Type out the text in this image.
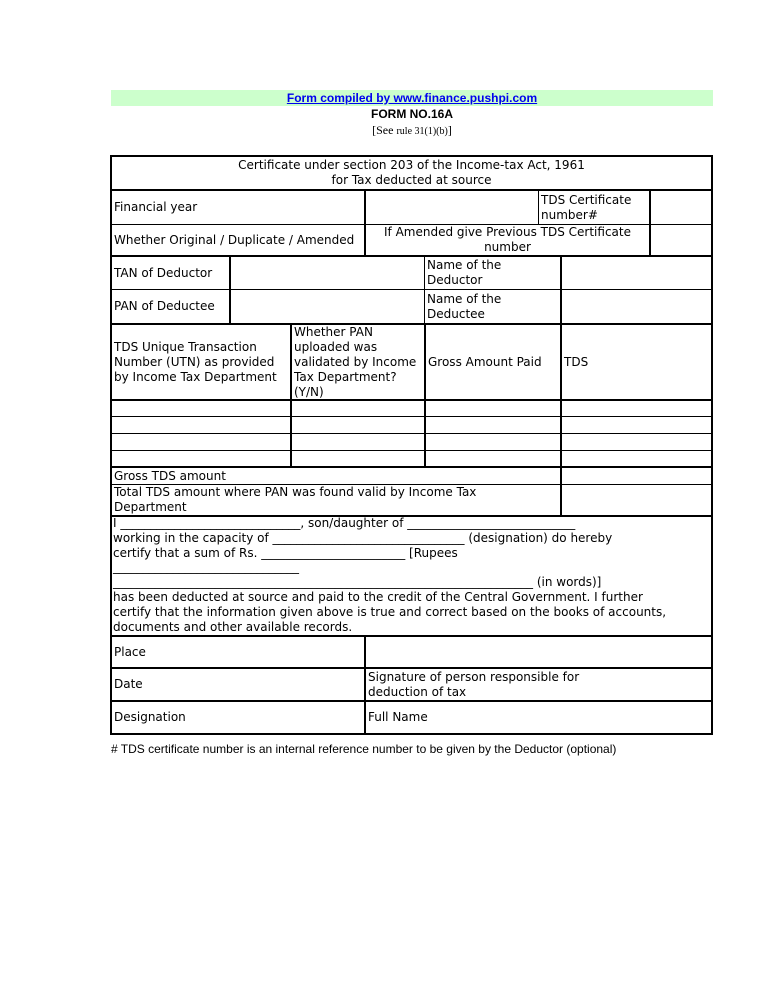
Form compiled by www.finance.pushpi.com
FORM NO.16A
[See rule 31(1)(b)]
Certificate under section 203 of the Income-tax Act, 1961
for Tax deducted at source
Financial year
TDS Certificate
number#
Whether Original / Duplicate / Amended
If Amended give Previous TDS Certificate
number
TAN of Deductor
Name of the
Deductor
PAN of Deductee
Name of the
Deductee
TDS Unique Transaction
Number (UTN) as provided
by Income Tax Department
Whether PAN
uploaded was
validated by Income
Tax Department?
(Y/N)
Gross Amount Paid	TDS
Gross TDS amount
Total TDS amount where PAN was found valid by Income Tax
Department
I ______________________________, son/daughter of ____________________________
working in the capacity of ________________________________ (designation) do hereby
certify that a sum of Rs. ________________________ [Rupees
_______________________________
______________________________________________________________________ (in words)]
has been deducted at source and paid to the credit of the Central Government. I further
certify that the information given above is true and correct based on the books of accounts,
documents and other available records.
Place
Date
Signature of person responsible for
deduction of tax
Designation	Full Name
# TDS certificate number is an internal reference number to be given by the Deductor (optional)
